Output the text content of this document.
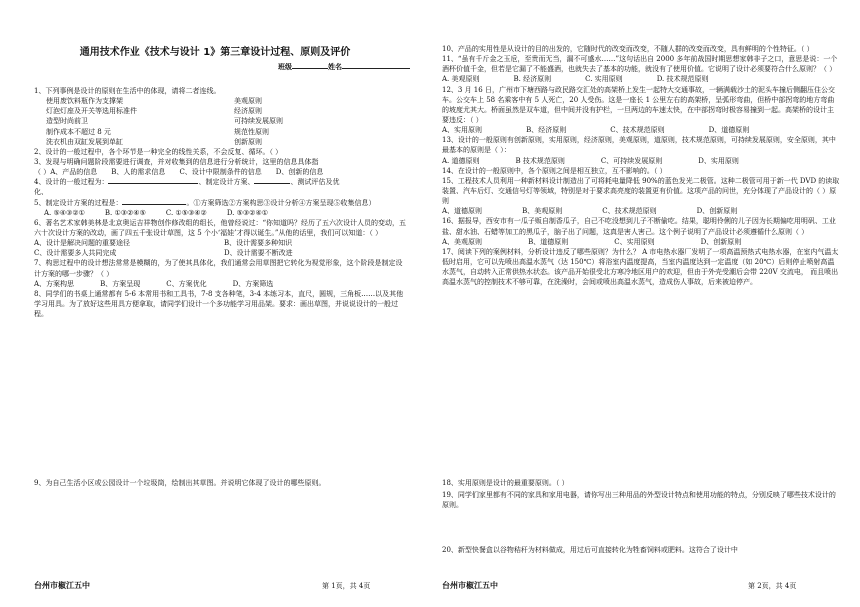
通用技术作业《技术与设计 1》第三章设计过程、原则及评价
班级	姓名

1、下列事例是设计的原则在生活中的体现，请将二者连线。

使用废饮料瓶作为支撑架	美观原则
灯泡灯座及开关等选用标准件	经济原则
造型时尚前卫	可持续发展原则
制作成本不超过 8 元	规范性原则
洗衣机由双缸发展到单缸	创新原则

2、设计的一般过程中，各个环节是一种完全的线性关系，不会反复、循环。（ ）

3、发现与明确问题阶段需要进行调查，并对收集到的信息进行分析统计，这里的信息具体指

（ ）A、产品的信息 B、人的需求信息 C、设计中限制条件的信息 D、创新的信息

4、设计的一般过程为：	、制定设计方案、	、测试评估及优
化、

5、制定设计方案的过程是：	。①方案筛选②方案构思③设计分析④方案呈现⑤收集信息）

A. ⑤④③②①	B. ①③②④⑤	C. ①⑤③④②	D. ⑤③②④①

6、著名艺术家韩美林是北京奥运吉祥物创作修改组的组长，他曾经说过：“你知道吗？经历了五六次设计人员的变动，五六十次设计方案的改动，画了四五千张设计草图，这 5 个小‘福娃’才得以诞生。”从他的话里，我们可以知道：（ ）

A、设计是解决问题的重要途径	B、设计需要多种知识
C、设计需要多人共同完成	D、设计需要不断改进

7、构思过程中的设计想法常常是模糊的，为了使其具体化，我们通常会用草图把它转化为视觉形象，这个阶段是制定设计方案的哪一步骤？（ ）

A、方案构思	B、方案呈现	C、方案优化	D、方案筛选

8、同学们的书桌上通常都有 5-6 本常用书和工具书，7-8 支各种笔，3-4 本练习本，直尺，圆规，三角板……以及其他学习用具。为了放好这些用具方便拿取，请同学们设计一个多功能学习用品架。要求：画出草图，并说说设计的一般过程。

9、为自己生活小区或公园设计一个垃圾筒，绘制出其草图。并说明它体现了设计的哪些原则。

台州市椒江五中	第 1页，共 4页

10、产品的实用性是从设计的目的出发的，它随时代的改变而改变，不随人群的改变而改变，具有鲜明的个性特征。（ ）

11、“虽有千斤金之玉卮，至贵而无当，漏不可盛水……”这句话出自 2000 多年前战国时期思想家韩非子之口，意思是说：一个酒杯价值千金，但若是它漏了不能盛酒，也就失去了基本的功能，就没有了使用价值。它说明了设计必须要符合什么原则？（ ）

A. 美观原则	B. 经济原则	C. 实用原则	D. 技术规范原则

12、3 月 16 日，广州市下塘西路与政民路交汇处的高架桥上发生一起特大交通事故，一辆满载沙土的泥头车撞后侧翻压住公交车。公交车上 58 名乘客中有 5 人死亡，20 人受伤。这是一座长 1 公里左右的高架桥，呈弧形弯曲，但桥中部拐弯的地方弯曲的坡度尤其大。桥面虽然是双车道，但中间并没有护栏，一旦两边的车速太快，在中部拐弯时极容易撞到一起。高架桥的设计主要违反：（ ）

A、实用原则	B、经济原则	C、技术规范原则	D、道德原则

13、设计的一般原则有创新原则，实用原则，经济原则，美观原则，道原则，技术规范原则，可持续发展原则，安全原则，其中最基本的原则是（ ）：

A. 道德原则	B 技术规范原则	C、可持续发展原则	D、实用原则

14、在设计的一般原则中，各个原则之间是相互独立，互不影响的。（ ）

15、工程技术人员利用一种新材料设计制造出了可将耗电量降低 90%的蓝色发光二极管。这种二极管可用于新一代 DVD 的读取装置、汽车后灯、交通信号灯等领域，特别是对于要求高亮度的装置更有价值。这项产品的问世，充分体现了产品设计的（ ）原则

A、道德原则	B、美观原则	C、技术规范原则	D、创新原则

16、据报导，西安市有一瓜子贩自制香瓜子，自己不吃没想到儿子不断偷吃。结果，聪明伶俐的儿子因为长期偏吃用明矾、工业盐、甜水油、石蜡等加工的黑瓜子，脑子出了问题，这真是害人害己。这个例子说明了产品设计必须遵循什么原则（ ）

A、美观原则	B、道德原则	C、实用原则	D、创新原则

17、阅读下列的案例材料，分析设计违反了哪些原则？为什么？ A 市电热水器厂发明了一项高温预热式电热水器，在室内气温太低时启用，它可以先喷出高温水蒸气（达 150℃）将浴室内温度提高，当室内温度达到一定温度（如 20℃）后则停止喷射高温水蒸气，自动转入正常供热水状态。该产品开始很受北方寒冷地区用户的欢迎，但由于外壳受潮后会带 220V 交流电， 而且喷出高温水蒸气的控制技术不够可靠，在洗澡时，会间或喷出高温水蒸气，造成伤人事故，后来被迫停产。

18、实用原则是设计的最重要原则。（ ）

19、同学们家里都有不同的家具和家用电器，请你写出三种用品的外型设计特点和使用功能的特点，分别反映了哪些技术设计的原则。

20、新型快餐盒以谷物秸秆为材料做成，用过后可直接转化为牲畜饲料或肥料。这符合了设计中

台州市椒江五中	第 2页，共 4页
